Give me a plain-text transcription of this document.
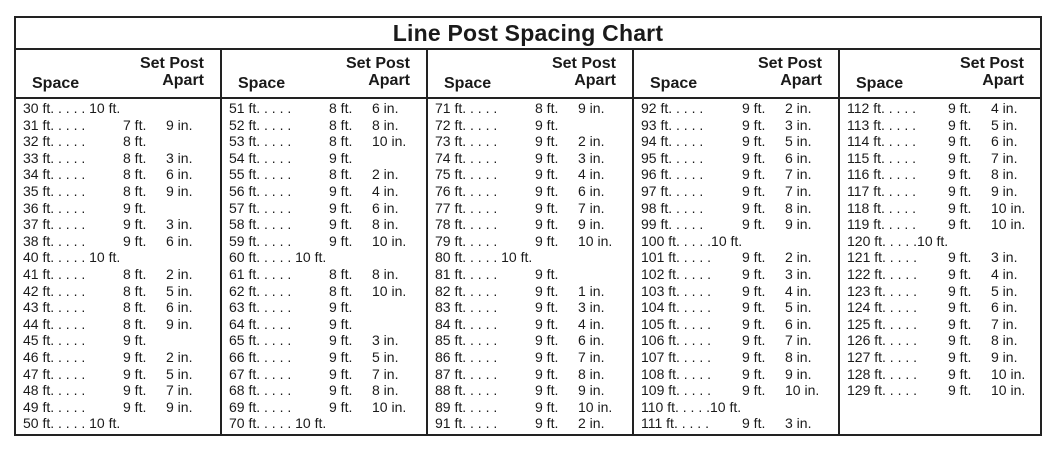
Line Post Spacing Chart
Space
Set Post
Apart
30 ft. . . . . 10 ft.
31 ft. . . . .	7 ft. 9 in.
32 ft. . . . .	8 ft.
33 ft. . . . .	8 ft. 3 in.
34 ft. . . . .	8 ft. 6 in.
35 ft. . . . .	8 ft. 9 in.
36 ft. . . . .	9 ft.
37 ft. . . . .	9 ft. 3 in.
38 ft. . . . .	9 ft. 6 in.
40 ft. . . . . 10 ft.
41 ft. . . . .	8 ft. 2 in.
42 ft. . . . .	8 ft. 5 in.
43 ft. . . . .	8 ft. 6 in.
44 ft. . . . .	8 ft. 9 in.
45 ft. . . . .	9 ft.
46 ft. . . . .	9 ft. 2 in.
47 ft. . . . .	9 ft. 5 in.
48 ft. . . . .	9 ft. 7 in.
49 ft. . . . .	9 ft. 9 in.
50 ft. . . . . 10 ft.
Space
Set Post
Apart
51 ft. . . . .	8 ft. 6 in.
52 ft. . . . .	8 ft. 8 in.
53 ft. . . . .	8 ft. 10 in.
54 ft. . . . .	9 ft.
55 ft. . . . .	8 ft. 2 in.
56 ft. . . . .	9 ft. 4 in.
57 ft. . . . .	9 ft. 6 in.
58 ft. . . . .	9 ft. 8 in.
59 ft. . . . .	9 ft. 10 in.
60 ft. . . . . 10 ft.
61 ft. . . . .	8 ft. 8 in.
62 ft. . . . .	8 ft. 10 in.
63 ft. . . . .	9 ft.
64 ft. . . . .	9 ft.
65 ft. . . . .	9 ft. 3 in.
66 ft. . . . .	9 ft. 5 in.
67 ft. . . . .	9 ft. 7 in.
68 ft. . . . .	9 ft. 8 in.
69 ft. . . . .	9 ft. 10 in.
70 ft. . . . . 10 ft.
Space
Set Post
Apart
71 ft. . . . .	8 ft. 9 in.
72 ft. . . . .	9 ft.
73 ft. . . . .	9 ft. 2 in.
74 ft. . . . .	9 ft. 3 in.
75 ft. . . . .	9 ft. 4 in.
76 ft. . . . .	9 ft. 6 in.
77 ft. . . . .	9 ft. 7 in.
78 ft. . . . .	9 ft. 9 in.
79 ft. . . . .	9 ft. 10 in.
80 ft. . . . . 10 ft.
81 ft. . . . .	9 ft.
82 ft. . . . .	9 ft. 1 in.
83 ft. . . . .	9 ft. 3 in.
84 ft. . . . .	9 ft. 4 in.
85 ft. . . . .	9 ft. 6 in.
86 ft. . . . .	9 ft. 7 in.
87 ft. . . . .	9 ft. 8 in.
88 ft. . . . .	9 ft. 9 in.
89 ft. . . . .	9 ft. 10 in.
91 ft. . . . .	9 ft. 2 in.
Space
Set Post
Apart
92 ft. . . . .	9 ft. 2 in.
93 ft. . . . .	9 ft. 3 in.
94 ft. . . . .	9 ft. 5 in.
95 ft. . . . .	9 ft. 6 in.
96 ft. . . . .	9 ft. 7 in.
97 ft. . . . .	9 ft. 7 in.
98 ft. . . . .	9 ft. 8 in.
99 ft. . . . .	9 ft. 9 in.
100 ft. . . . .10 ft.
101 ft. . . . . 9 ft. 2 in.
102 ft. . . . . 9 ft. 3 in.
103 ft. . . . . 9 ft. 4 in.
104 ft. . . . . 9 ft. 5 in.
105 ft. . . . . 9 ft. 6 in.
106 ft. . . . . 9 ft. 7 in.
107 ft. . . . . 9 ft. 8 in.
108 ft. . . . . 9 ft. 9 in.
109 ft. . . . . 9 ft. 10 in.
110 ft. . . . .10 ft.
111 ft. . . . . 9 ft. 3 in.
Space
Set Post
Apart
112 ft. . . . . 9 ft. 4 in.
113 ft. . . . . 9 ft. 5 in.
114 ft. . . . . 9 ft. 6 in.
115 ft. . . . . 9 ft. 7 in.
116 ft. . . . . 9 ft. 8 in.
117 ft. . . . . 9 ft. 9 in.
118 ft. . . . . 9 ft. 10 in.
119 ft. . . . . 9 ft. 10 in.
120 ft. . . . .10 ft.
121 ft. . . . . 9 ft. 3 in.
122 ft. . . . . 9 ft. 4 in.
123 ft. . . . . 9 ft. 5 in.
124 ft. . . . . 9 ft. 6 in.
125 ft. . . . . 9 ft. 7 in.
126 ft. . . . . 9 ft. 8 in.
127 ft. . . . . 9 ft. 9 in.
128 ft. . . . . 9 ft. 10 in.
129 ft. . . . . 9 ft. 10 in.
